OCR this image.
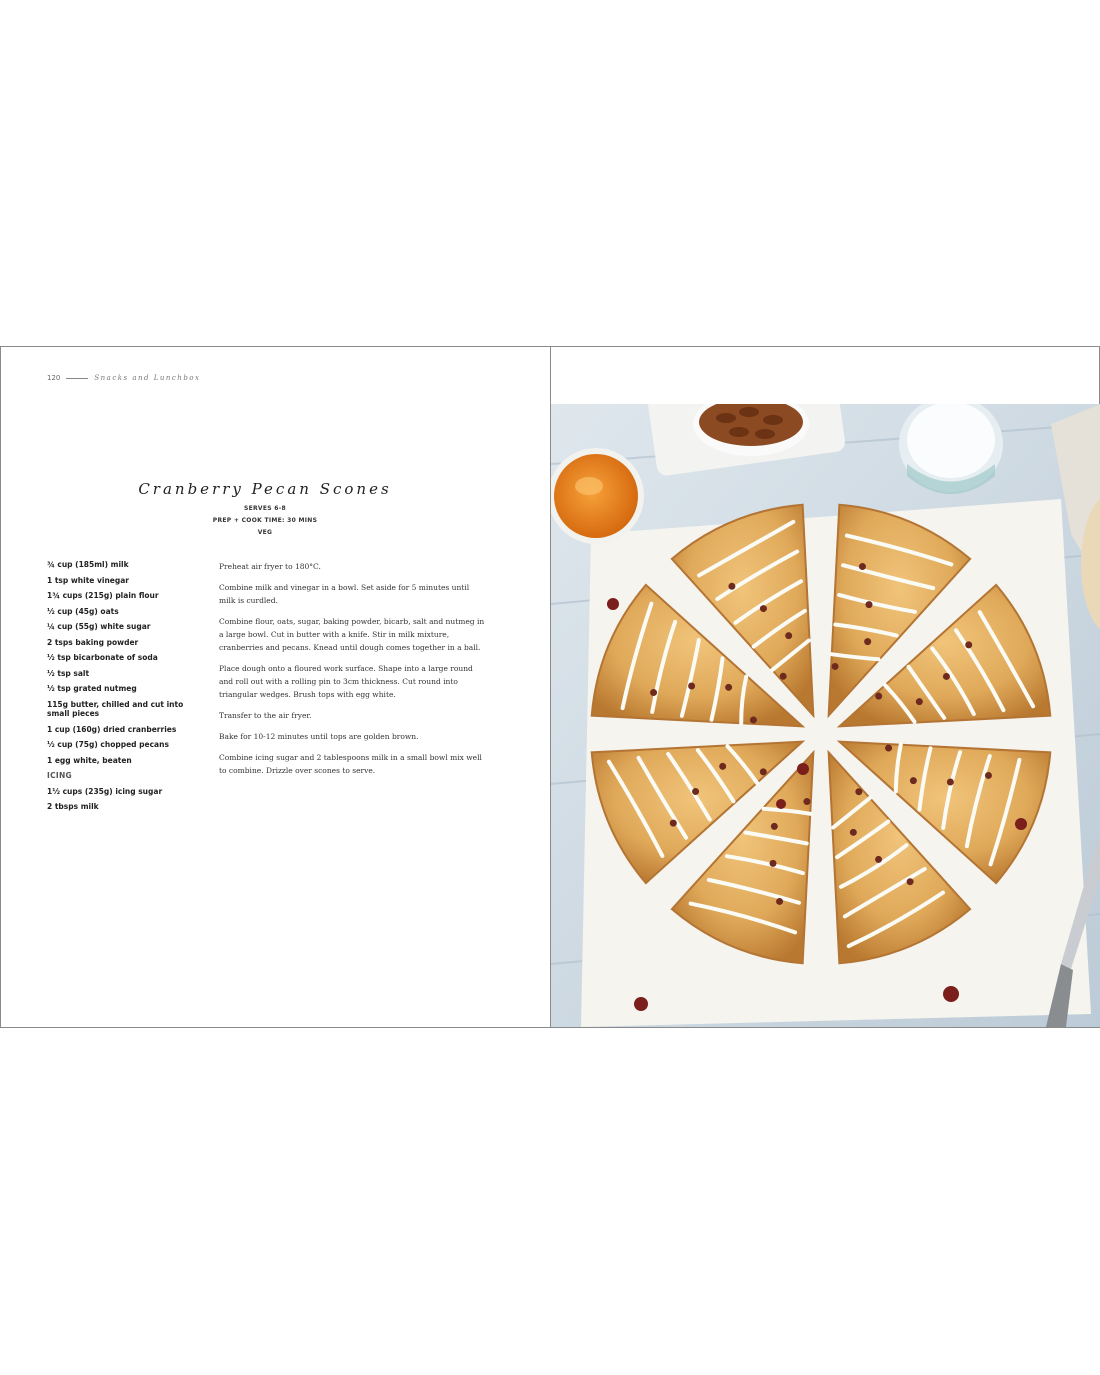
120	Snacks and Lunchbox
Cranberry Pecan Scones
SERVES 6-8
PREP + COOK TIME: 30 MINS
VEG
¾ cup (185ml) milk
1 tsp white vinegar
1¾ cups (215g) plain flour
½ cup (45g) oats
¼ cup (55g) white sugar
2 tsps baking powder
½ tsp bicarbonate of soda
½ tsp salt
½ tsp grated nutmeg
115g butter, chilled and cut into small pieces
1 cup (160g) dried cranberries
½ cup (75g) chopped pecans
1 egg white, beaten
ICING
1½ cups (235g) icing sugar
2 tbsps milk

Preheat air fryer to 180°C.

Combine milk and vinegar in a bowl. Set aside for 5 minutes until milk is curdled.

Combine flour, oats, sugar, baking powder, bicarb, salt and nutmeg in a large bowl. Cut in butter with a knife. Stir in milk mixture, cranberries and pecans. Knead until dough comes together in a ball.

Place dough onto a floured work surface. Shape into a large round and roll out with a rolling pin to 3cm thickness. Cut round into triangular wedges. Brush tops with egg white.

Transfer to the air fryer.

Bake for 10-12 minutes until tops are golden brown.

Combine icing sugar and 2 tablespoons milk in a small bowl mix well to combine. Drizzle over scones to serve.
